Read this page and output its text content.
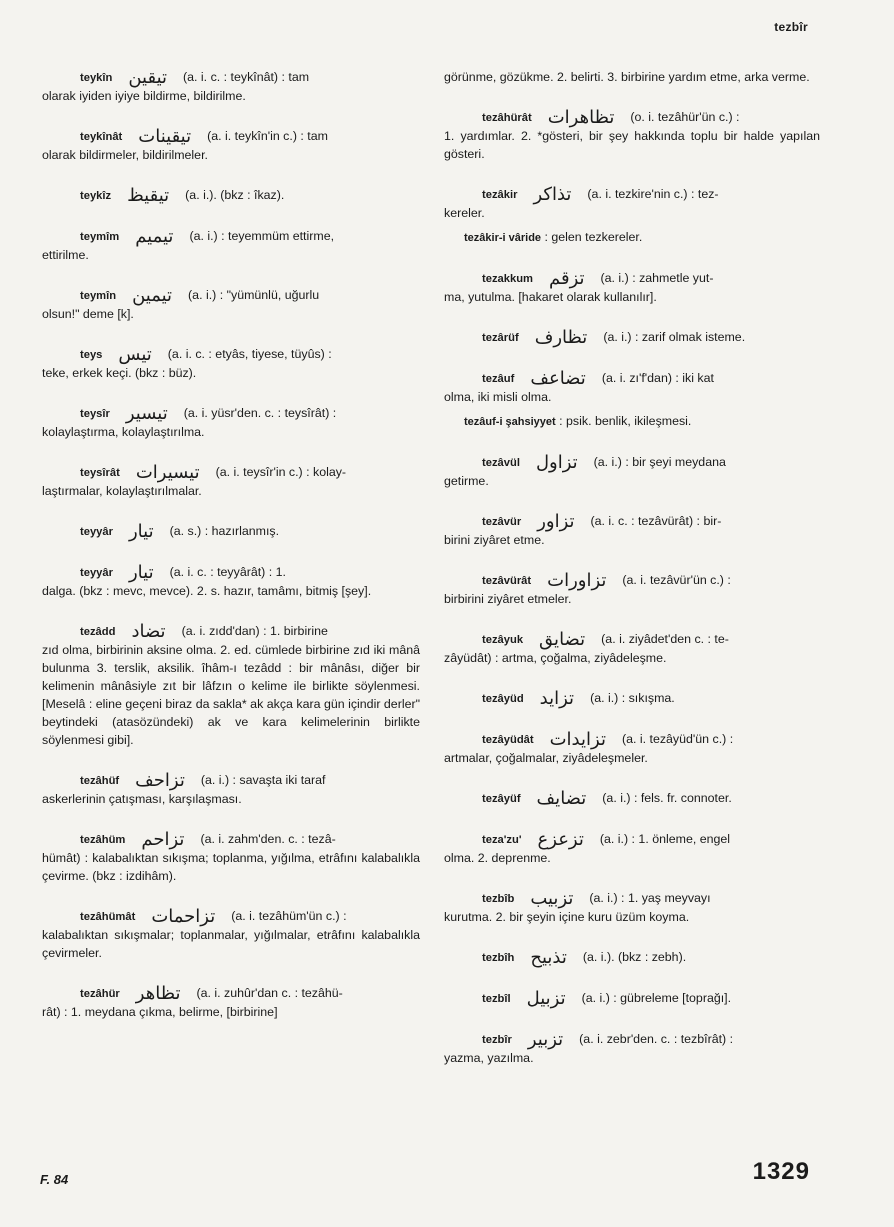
tezbîr
teykîn تيقين (a. i. c. : teykînât) : tam
olarak iyiden iyiye bildirme, bildirilme.
teykînât تيقينات (a. i. teykîn'in c.) : tam
olarak bildirmeler, bildirilmeler.
teykîz تيقيظ (a. i.). (bkz : îkaz).
teymîm تيميم (a. i.) : teyemmüm ettirme,
ettirilme.
teymîn تيمين (a. i.) : "yümünlü, uğurlu
olsun!" deme [k].
teys تيس (a. i. c. : etyâs, tiyese, tüyûs) :
teke, erkek keçi. (bkz : büz).
teysîr تيسير (a. i. yüsr'den. c. : teysîrât) :
kolaylaştırma, kolaylaştırılma.
teysîrât تيسيرات (a. i. teysîr'in c.) : kolay-
laştırmalar, kolaylaştırılmalar.
teyyâr تيار (a. s.) : hazırlanmış.
teyyâr تيار (a. i. c. : teyyârât) : 1.
dalga. (bkz : mevc, mevce). 2. s. hazır, tamâmı, bitmiş [şey].
tezâdd تضاد (a. i. zıdd'dan) : 1. birbirine
zıd olma, birbirinin aksine olma. 2. ed. cümlede birbirine zıd iki mânâ bulunma 3. terslik, aksilik. îhâm-ı tezâdd : bir mânâsı, diğer bir kelimenin mânâsiyle zıt bir lâfzın o kelime ile birlikte söylenmesi. [Meselâ : eline geçeni biraz da sakla* ak akça kara gün içindir derler" beytindeki (atasözündeki) ak ve kara kelimelerinin birlikte söylenmesi gibi].
tezâhüf تزاحف (a. i.) : savaşta iki taraf
askerlerinin çatışması, karşılaşması.
tezâhüm تزاحم (a. i. zahm'den. c. : tezâ-
hümât) : kalabalıktan sıkışma; toplanma, yığılma, etrâfını kalabalıkla çevirme. (bkz : izdihâm).
tezâhümât تزاحمات (a. i. tezâhüm'ün c.) :
kalabalıktan sıkışmalar; toplanmalar, yığılmalar, etrâfını kalabalıkla çevirmeler.
tezâhür تظاهر (a. i. zuhûr'dan c. : tezâhü-
rât) : 1. meydana çıkma, belirme, [birbirine]
görünme, gözükme. 2. belirti. 3. birbirine yardım etme, arka verme.
tezâhürât تظاهرات (o. i. tezâhür'ün c.) :
1. yardımlar. 2. *gösteri, bir şey hakkında toplu bir halde yapılan gösteri.
tezâkir تذاكر (a. i. tezkire'nin c.) : tez-
kereler.
tezâkir-i vâride : gelen tezkereler.
tezakkum تزقم (a. i.) : zahmetle yut-
ma, yutulma. [hakaret olarak kullanılır].
tezârüf تظارف (a. i.) : zarif olmak isteme.
tezâuf تضاعف (a. i. zı'f'dan) : iki kat
olma, iki misli olma.
tezâuf-i şahsiyyet : psik. benlik, ikileşmesi.
tezâvül تزاول (a. i.) : bir şeyi meydana
getirme.
tezâvür تزاور (a. i. c. : tezâvürât) : bir-
birini ziyâret etme.
tezâvürât تزاورات (a. i. tezâvür'ün c.) :
birbirini ziyâret etmeler.
tezâyuk تضايق (a. i. ziyâdet'den c. : te-
zâyüdât) : artma, çoğalma, ziyâdeleşme.
tezâyüd تزايد (a. i.) : sıkışma.
tezâyüdât تزايدات (a. i. tezâyüd'ün c.) :
artmalar, çoğalmalar, ziyâdeleşmeler.
tezâyüf تضايف (a. i.) : fels. fr. connoter.
teza'zu' تزعزع (a. i.) : 1. önleme, engel
olma. 2. deprenme.
tezbîb تزبيب (a. i.) : 1. yaş meyvayı
kurutma. 2. bir şeyin içine kuru üzüm koyma.
tezbîh تذبيح (a. i.). (bkz : zebh).
tezbîl تزبيل (a. i.) : gübreleme [toprağı].
tezbîr تزبير (a. i. zebr'den. c. : tezbîrât) :
yazma, yazılma.
F. 84	1329
